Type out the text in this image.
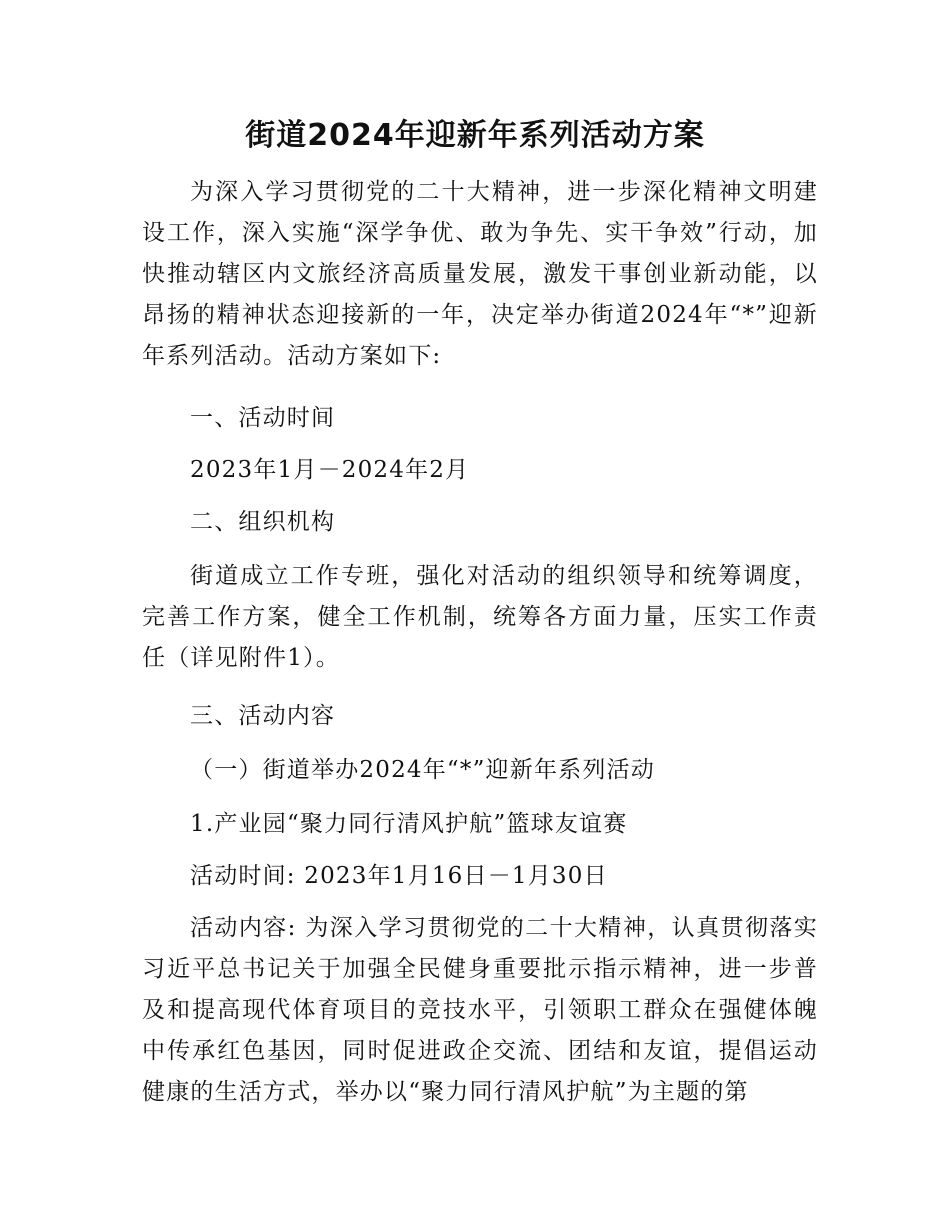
街道2024年迎新年系列活动方案

为深入学习贯彻党的二十大精神，进一步深化精神文明建设工作，深入实施“深学争优、敢为争先、实干争效”行动，加快推动辖区内文旅经济高质量发展，激发干事创业新动能，以昂扬的精神状态迎接新的一年，决定举办街道2024年“*”迎新年系列活动。活动方案如下:

一、活动时间

2023年1月－2024年2月

二、组织机构

街道成立工作专班，强化对活动的组织领导和统筹调度，完善工作方案，健全工作机制，统筹各方面力量，压实工作责任（详见附件1）。

三、活动内容

（一）街道举办2024年“*”迎新年系列活动

1.产业园“聚力同行清风护航”篮球友谊赛

活动时间: 2023年1月16日－1月30日

活动内容: 为深入学习贯彻党的二十大精神，认真贯彻落实习近平总书记关于加强全民健身重要批示指示精神，进一步普及和提高现代体育项目的竞技水平，引领职工群众在强健体魄中传承红色基因，同时促进政企交流、团结和友谊，提倡运动健康的生活方式，举办以“聚力同行清风护航”为主题的第
